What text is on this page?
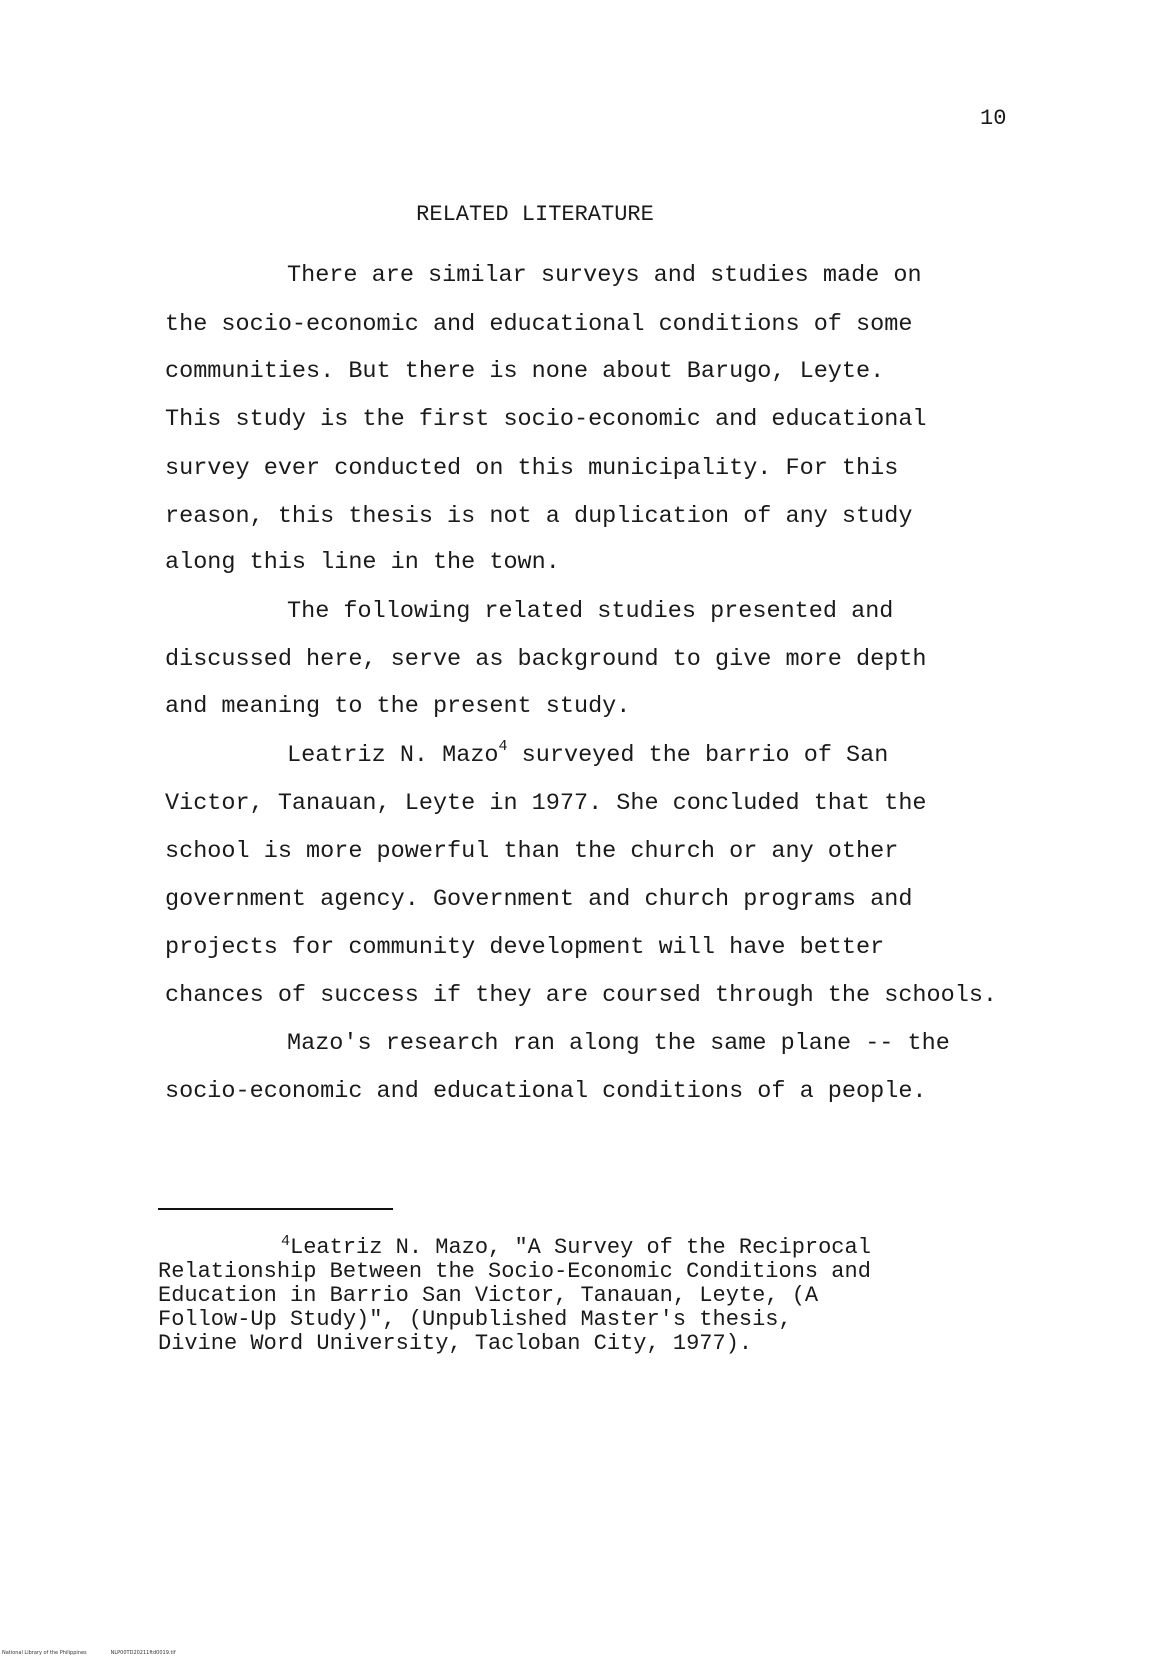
10
RELATED LITERATURE
There are similar surveys and studies made on
the socio-economic and educational conditions of some
communities. But there is none about Barugo, Leyte.
This study is the first socio-economic and educational
survey ever conducted on this municipality. For this
reason, this thesis is not a duplication of any study
along this line in the town.
The following related studies presented and
discussed here, serve as background to give more depth
and meaning to the present study.
Leatriz N. Mazo$^4$ surveyed the barrio of San
Victor, Tanauan, Leyte in 1977. She concluded that the
school is more powerful than the church or any other
government agency. Government and church programs and
projects for community development will have better
chances of success if they are coursed through the schools.
Mazo's research ran along the same plane -- the
socio-economic and educational conditions of a people.
$^4$Leatriz N. Mazo, "A Survey of the Reciprocal
Relationship Between the Socio-Economic Conditions and
Education in Barrio San Victor, Tanauan, Leyte, (A
Follow-Up Study)", (Unpublished Master's thesis,
Divine Word University, Tacloban City, 1977).
National Library of the Philippines	NLP00TD20211ftd0019.tif
